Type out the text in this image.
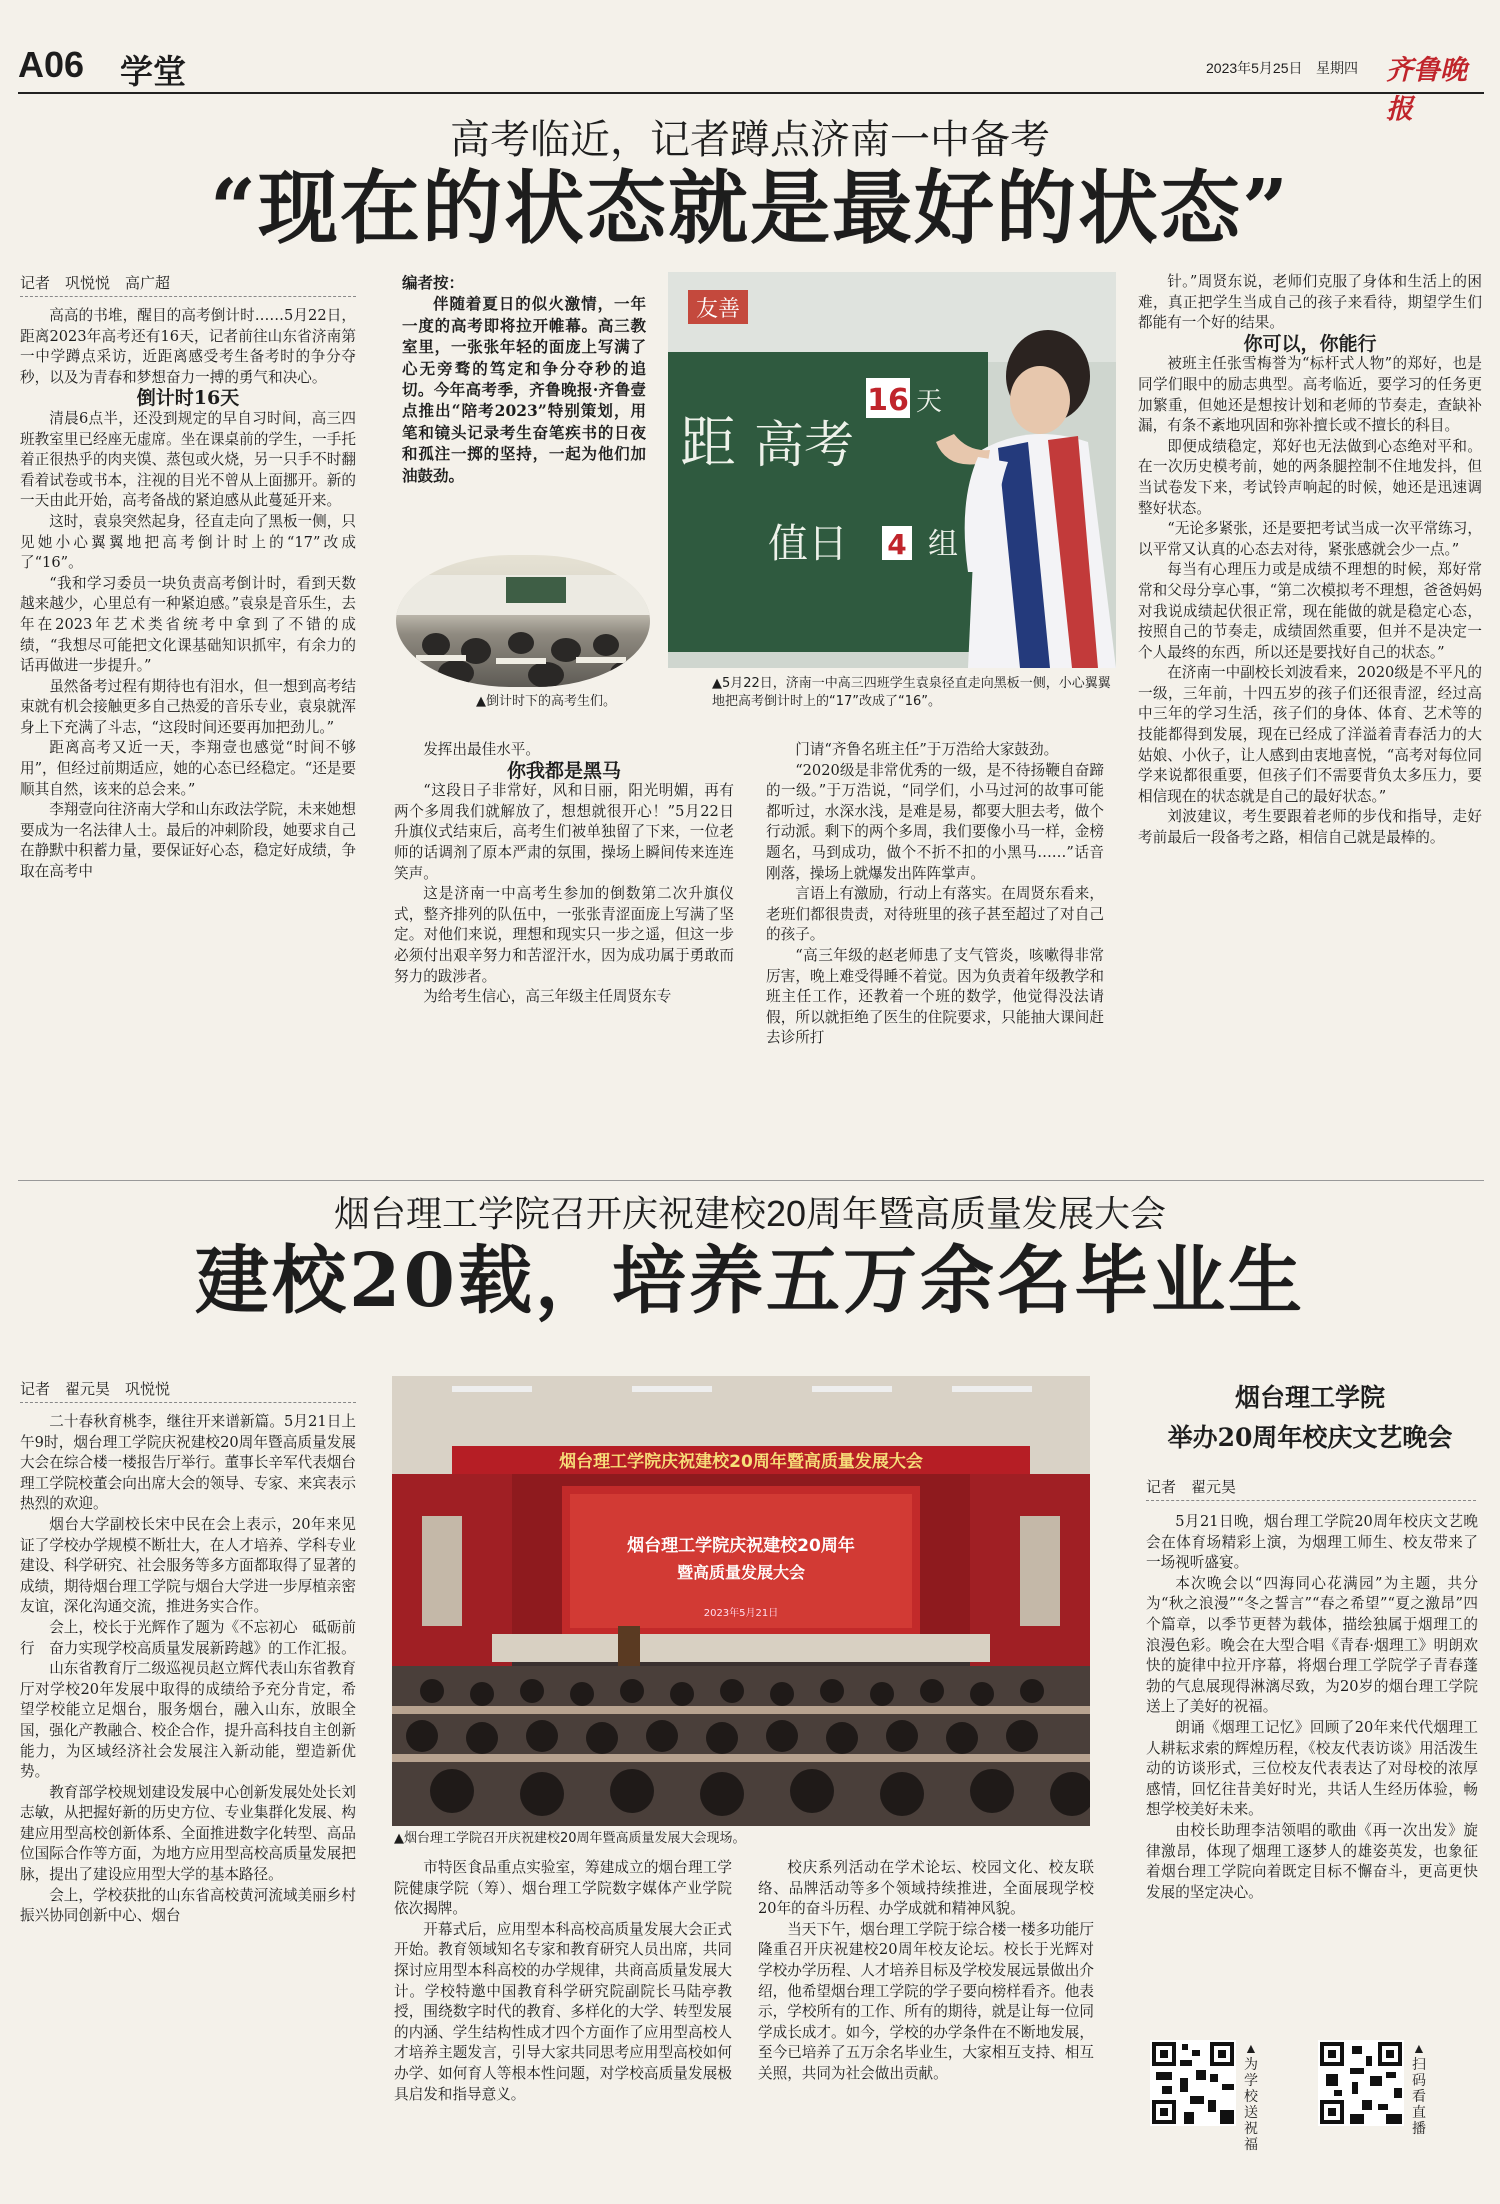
A06 学堂	2023年5月25日 星期四 齐鲁晚报
高考临近，记者蹲点济南一中备考
“现在的状态就是最好的状态”
记者　巩悦悦　高广超

高高的书堆，醒目的高考倒计时……5月22日，距离2023年高考还有16天，记者前往山东省济南第一中学蹲点采访，近距离感受考生备考时的争分夺秒，以及为青春和梦想奋力一搏的勇气和决心。

倒计时16天

清晨6点半，还没到规定的早自习时间，高三四班教室里已经座无虚席。坐在课桌前的学生，一手托着正很热乎的肉夹馍、蒸包或火烧，另一只手不时翻看着试卷或书本，注视的目光不曾从上面挪开。新的一天由此开始，高考备战的紧迫感从此蔓延开来。

这时，袁泉突然起身，径直走向了黑板一侧，只见她小心翼翼地把高考倒计时上的“17”改成了“16”。

“我和学习委员一块负责高考倒计时，看到天数越来越少，心里总有一种紧迫感。”袁泉是音乐生，去年在2023年艺术类省统考中拿到了不错的成绩，“我想尽可能把文化课基础知识抓牢，有余力的话再做进一步提升。”

虽然备考过程有期待也有泪水，但一想到高考结束就有机会接触更多自己热爱的音乐专业，袁泉就浑身上下充满了斗志，“这段时间还要再加把劲儿。”

距离高考又近一天，李翔壹也感觉“时间不够用”，但经过前期适应，她的心态已经稳定。“还是要顺其自然，该来的总会来。”

李翔壹向往济南大学和山东政法学院，未来她想要成为一名法律人士。最后的冲刺阶段，她要求自己在静默中积蓄力量，要保证好心态，稳定好成绩，争取在高考中

编者按：

伴随着夏日的似火激情，一年一度的高考即将拉开帷幕。高三教室里，一张张年轻的面庞上写满了心无旁骛的笃定和争分夺秒的追切。今年高考季，齐鲁晚报·齐鲁壹点推出“陪考2023”特别策划，用笔和镜头记录考生奋笔疾书的日夜和孤注一掷的坚持，一起为他们加油鼓劲。
▲倒计时下的高考生们。
友善
距 高考
值日
天
组
16
4
▲5月22日，济南一中高三四班学生袁泉径直走向黑板一侧，小心翼翼地把高考倒计时上的“17”改成了“16”。

发挥出最佳水平。

你我都是黑马

“这段日子非常好，风和日丽，阳光明媚，再有两个多周我们就解放了，想想就很开心！”5月22日升旗仪式结束后，高考生们被单独留了下来，一位老师的话调剂了原本严肃的氛围，操场上瞬间传来连连笑声。

这是济南一中高考生参加的倒数第二次升旗仪式，整齐排列的队伍中，一张张青涩面庞上写满了坚定。对他们来说，理想和现实只一步之遥，但这一步必须付出艰辛努力和苦涩汗水，因为成功属于勇敢而努力的跋涉者。

为给考生信心，高三年级主任周贤东专

门请“齐鲁名班主任”于万浩给大家鼓劲。

“2020级是非常优秀的一级，是不待扬鞭自奋蹄的一级。”于万浩说，“同学们，小马过河的故事可能都听过，水深水浅，是难是易，都要大胆去考，做个行动派。剩下的两个多周，我们要像小马一样，金榜题名，马到成功，做个不折不扣的小黑马……”话音刚落，操场上就爆发出阵阵掌声。

言语上有激励，行动上有落实。在周贤东看来，老班们都很贵责，对待班里的孩子甚至超过了对自己的孩子。

“高三年级的赵老师患了支气管炎，咳嗽得非常厉害，晚上难受得睡不着觉。因为负责着年级教学和班主任工作，还教着一个班的数学，他觉得没法请假，所以就拒绝了医生的住院要求，只能抽大课间赶去诊所打

针。”周贤东说，老师们克服了身体和生活上的困难，真正把学生当成自己的孩子来看待，期望学生们都能有一个好的结果。

你可以，你能行

被班主任张雪梅誉为“标杆式人物”的郑好，也是同学们眼中的励志典型。高考临近，要学习的任务更加繁重，但她还是想按计划和老师的节奏走，查缺补漏，有条不紊地巩固和弥补擅长或不擅长的科目。

即便成绩稳定，郑好也无法做到心态绝对平和。在一次历史模考前，她的两条腿控制不住地发抖，但当试卷发下来，考试铃声响起的时候，她还是迅速调整好状态。

“无论多紧张，还是要把考试当成一次平常练习，以平常又认真的心态去对待，紧张感就会少一点。”

每当有心理压力或是成绩不理想的时候，郑好常常和父母分享心事，“第二次模拟考不理想，爸爸妈妈对我说成绩起伏很正常，现在能做的就是稳定心态，按照自己的节奏走，成绩固然重要，但并不是决定一个人最终的东西，所以还是要找好自己的状态。”

在济南一中副校长刘波看来，2020级是不平凡的一级，三年前，十四五岁的孩子们还很青涩，经过高中三年的学习生活，孩子们的身体、体育、艺术等的技能都得到发展，现在已经成了洋溢着青春活力的大姑娘、小伙子，让人感到由衷地喜悦，“高考对每位同学来说都很重要，但孩子们不需要背负太多压力，要相信现在的状态就是自己的最好状态。”

刘波建议，考生要跟着老师的步伐和指导，走好考前最后一段备考之路，相信自己就是最棒的。

烟台理工学院召开庆祝建校20周年暨高质量发展大会
建校20载，培养五万余名毕业生
记者　翟元昊　巩悦悦

二十春秋育桃李，继往开来谱新篇。5月21日上午9时，烟台理工学院庆祝建校20周年暨高质量发展大会在综合楼一楼报告厅举行。董事长辛军代表烟台理工学院校董会向出席大会的领导、专家、来宾表示热烈的欢迎。

烟台大学副校长宋中民在会上表示，20年来见证了学校办学规模不断壮大，在人才培养、学科专业建设、科学研究、社会服务等多方面都取得了显著的成绩，期待烟台理工学院与烟台大学进一步厚植亲密友谊，深化沟通交流，推进务实合作。

会上，校长于光辉作了题为《不忘初心　砥砺前行　奋力实现学校高质量发展新跨越》的工作汇报。

山东省教育厅二级巡视员赵立辉代表山东省教育厅对学校20年发展中取得的成绩给予充分肯定，希望学校能立足烟台，服务烟台，融入山东，放眼全国，强化产教融合、校企合作，提升高科技自主创新能力，为区域经济社会发展注入新动能，塑造新优势。

教育部学校规划建设发展中心创新发展处处长刘志敏，从把握好新的历史方位、专业集群化发展、构建应用型高校创新体系、全面推进数字化转型、高品位国际合作等方面，为地方应用型高校高质量发展把脉，提出了建设应用型大学的基本路径。

会上，学校获批的山东省高校黄河流域美丽乡村振兴协同创新中心、烟台

烟台理工学院庆祝建校20周年暨高质量发展大会
烟台理工学院庆祝建校20周年
暨高质量发展大会
2023年5月21日
▲烟台理工学院召开庆祝建校20周年暨高质量发展大会现场。

市特医食品重点实验室，筹建成立的烟台理工学院健康学院（筹）、烟台理工学院数字媒体产业学院依次揭牌。

开幕式后，应用型本科高校高质量发展大会正式开始。教育领域知名专家和教育研究人员出席，共同探讨应用型本科高校的办学规律，共商高质量发展大计。学校特邀中国教育科学研究院副院长马陆亭教授，围绕数字时代的教育、多样化的大学、转型发展的内涵、学生结构性成才四个方面作了应用型高校人才培养主题发言，引导大家共同思考应用型高校如何办学、如何育人等根本性问题，对学校高质量发展极具启发和指导意义。

校庆系列活动在学术论坛、校园文化、校友联络、品牌活动等多个领域持续推进，全面展现学校20年的奋斗历程、办学成就和精神风貌。

当天下午，烟台理工学院于综合楼一楼多功能厅隆重召开庆祝建校20周年校友论坛。校长于光辉对学校办学历程、人才培养目标及学校发展远景做出介绍，他希望烟台理工学院的学子要向榜样看齐。他表示，学校所有的工作、所有的期待，就是让每一位同学成长成才。如今，学校的办学条件在不断地发展，至今已培养了五万余名毕业生，大家相互支持、相互关照，共同为社会做出贡献。

烟台理工学院
举办20周年校庆文艺晚会
记者　翟元昊

5月21日晚，烟台理工学院20周年校庆文艺晚会在体育场精彩上演，为烟理工师生、校友带来了一场视听盛宴。

本次晚会以“四海同心花满园”为主题，共分为“秋之浪漫”“冬之誓言”“春之希望”“夏之激昂”四个篇章，以季节更替为载体，描绘独属于烟理工的浪漫色彩。晚会在大型合唱《青春·烟理工》明朗欢快的旋律中拉开序幕，将烟台理工学院学子青春蓬勃的气息展现得淋漓尽致，为20岁的烟台理工学院送上了美好的祝福。

朗诵《烟理工记忆》回顾了20年来代代烟理工人耕耘求索的辉煌历程，《校友代表访谈》用活泼生动的访谈形式，三位校友代表表达了对母校的浓厚感情，回忆往昔美好时光，共话人生经历体验，畅想学校美好未来。

由校长助理李洁领唱的歌曲《再一次出发》旋律激昂，体现了烟理工逐梦人的雄姿英发，也象征着烟台理工学院向着既定目标不懈奋斗，更高更快发展的坚定决心。

▲为学校送祝福
▲扫码看直播
